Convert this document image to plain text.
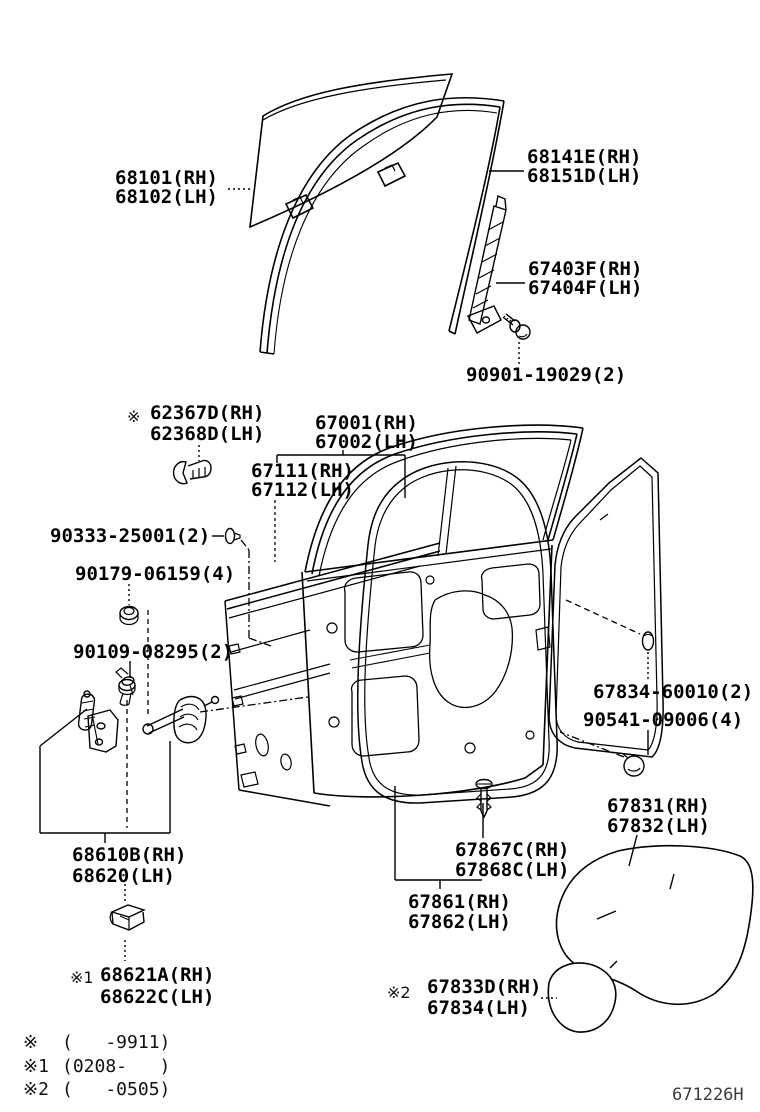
68101(RH)
68102(LH)
68141E(RH)
68151D(LH)
67403F(RH)
67404F(LH)
90901-19029(2)
※ 62367D(RH)
62368D(LH)	67001(RH)
67002(LH)
67111(RH)
67112(LH)
90333-25001(2)
90179-06159(4)
90109-08295(2)
68610B(RH)
68620(LH)
※1 68621A(RH)
68622C(LH)
67867C(RH)
67868C(LH)
67861(RH)
67862(LH)
67834-60010(2)
90541-09006(4)
67831(RH)
67832(LH)
※2 67833D(RH)
67834(LH)
※ (   -9911)
※1 (0208-   )
※2 (   -0505)	671226H
